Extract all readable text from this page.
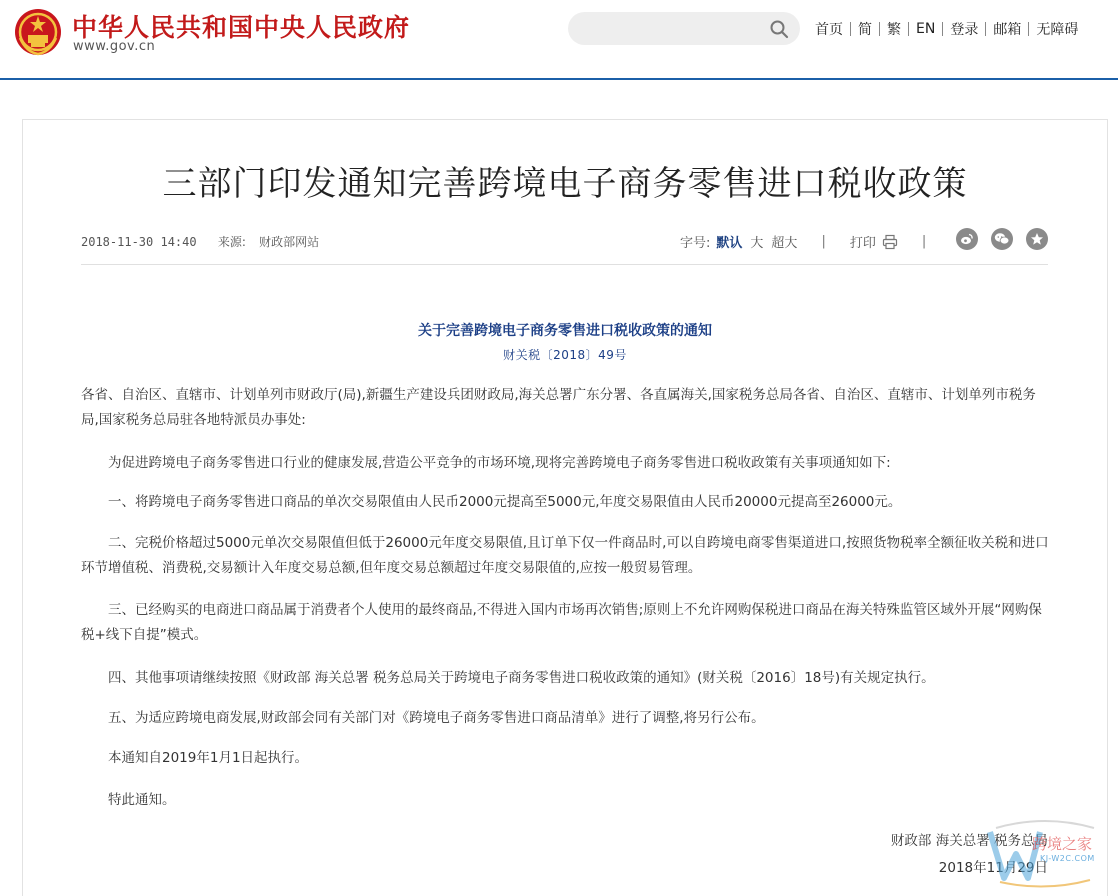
中华人民共和国中央人民政府
www.gov.cn
首页	简	繁	EN	登录	邮箱	无障碍
三部门印发通知完善跨境电子商务零售进口税收政策
2018-11-30 14:40 来源: 财政部网站	字号: 默认 大 超大 | 打印	|
关于完善跨境电子商务零售进口税收政策的通知
财关税〔2018〕49号

各省、自治区、直辖市、计划单列市财政厅(局),新疆生产建设兵团财政局,海关总署广东分署、各直属海关,国家税务总局各省、自治区、直辖市、计划单列市税务局,国家税务总局驻各地特派员办事处:

为促进跨境电子商务零售进口行业的健康发展,营造公平竞争的市场环境,现将完善跨境电子商务零售进口税收政策有关事项通知如下:

一、将跨境电子商务零售进口商品的单次交易限值由人民币2000元提高至5000元,年度交易限值由人民币20000元提高至26000元。

二、完税价格超过5000元单次交易限值但低于26000元年度交易限值,且订单下仅一件商品时,可以自跨境电商零售渠道进口,按照货物税率全额征收关税和进口环节增值税、消费税,交易额计入年度交易总额,但年度交易总额超过年度交易限值的,应按一般贸易管理。

三、已经购买的电商进口商品属于消费者个人使用的最终商品,不得进入国内市场再次销售;原则上不允许网购保税进口商品在海关特殊监管区域外开展“网购保税+线下自提”模式。

四、其他事项请继续按照《财政部 海关总署 税务总局关于跨境电子商务零售进口税收政策的通知》(财关税〔2016〕18号)有关规定执行。

五、为适应跨境电商发展,财政部会同有关部门对《跨境电子商务零售进口商品清单》进行了调整,将另行公布。

本通知自2019年1月1日起执行。

特此通知。

财政部 海关总署 税务总局
2018年11月29日
跨境之家
KJ-W2C.COM
